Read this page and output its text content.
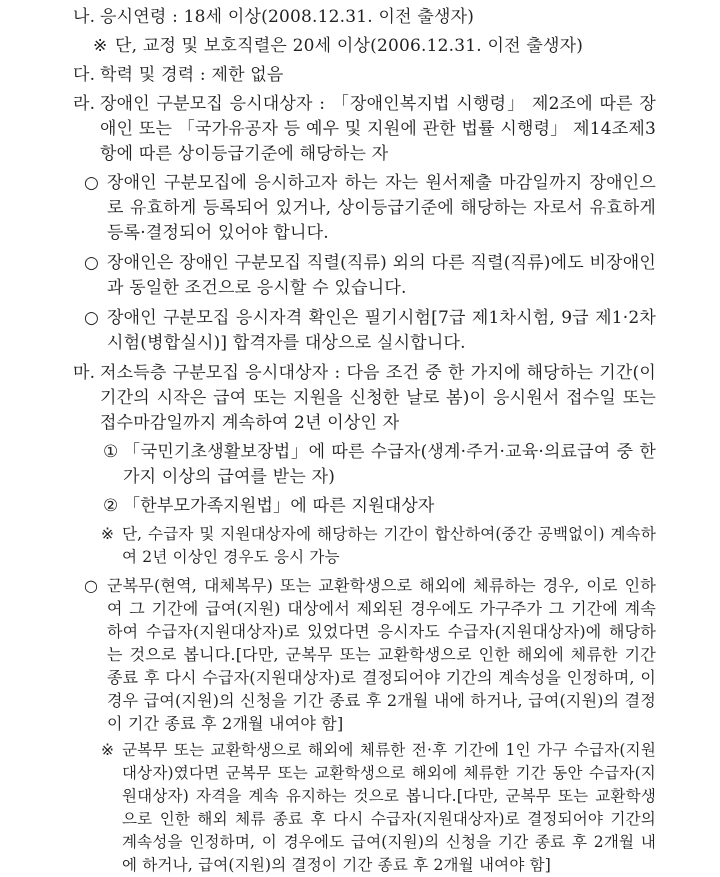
나. 응시연령 : 18세 이상(2008.12.31. 이전 출생자)
※ 단, 교정 및 보호직렬은 20세 이상(2006.12.31. 이전 출생자)
다. 학력 및 경력 : 제한 없음
라. 장애인 구분모집 응시대상자 : 「장애인복지법 시행령」 제2조에 따른 장애인 또는 「국가유공자 등 예우 및 지원에 관한 법률 시행령」 제14조제3항에 따른 상이등급기준에 해당하는 자
○ 장애인 구분모집에 응시하고자 하는 자는 원서제출 마감일까지 장애인으로 유효하게 등록되어 있거나, 상이등급기준에 해당하는 자로서 유효하게 등록·결정되어 있어야 합니다.
○ 장애인은 장애인 구분모집 직렬(직류) 외의 다른 직렬(직류)에도 비장애인과 동일한 조건으로 응시할 수 있습니다.
○ 장애인 구분모집 응시자격 확인은 필기시험[7급 제1차시험, 9급 제1·2차시험(병합실시)] 합격자를 대상으로 실시합니다.
마. 저소득층 구분모집 응시대상자 : 다음 조건 중 한 가지에 해당하는 기간(이 기간의 시작은 급여 또는 지원을 신청한 날로 봄)이 응시원서 접수일 또는 접수마감일까지 계속하여 2년 이상인 자
① 「국민기초생활보장법」에 따른 수급자(생계·주거·교육·의료급여 중 한 가지 이상의 급여를 받는 자)
② 「한부모가족지원법」에 따른 지원대상자
※ 단, 수급자 및 지원대상자에 해당하는 기간이 합산하여(중간 공백없이) 계속하여 2년 이상인 경우도 응시 가능
○ 군복무(현역, 대체복무) 또는 교환학생으로 해외에 체류하는 경우, 이로 인하여 그 기간에 급여(지원) 대상에서 제외된 경우에도 가구주가 그 기간에 계속하여 수급자(지원대상자)로 있었다면 응시자도 수급자(지원대상자)에 해당하는 것으로 봅니다.[다만, 군복무 또는 교환학생으로 인한 해외에 체류한 기간 종료 후 다시 수급자(지원대상자)로 결정되어야 기간의 계속성을 인정하며, 이 경우 급여(지원)의 신청을 기간 종료 후 2개월 내에 하거나, 급여(지원)의 결정이 기간 종료 후 2개월 내여야 함]
※ 군복무 또는 교환학생으로 해외에 체류한 전·후 기간에 1인 가구 수급자(지원대상자)였다면 군복무 또는 교환학생으로 해외에 체류한 기간 동안 수급자(지원대상자) 자격을 계속 유지하는 것으로 봅니다.[다만, 군복무 또는 교환학생으로 인한 해외 체류 종료 후 다시 수급자(지원대상자)로 결정되어야 기간의 계속성을 인정하며, 이 경우에도 급여(지원)의 신청을 기간 종료 후 2개월 내에 하거나, 급여(지원)의 결정이 기간 종료 후 2개월 내여야 함]
